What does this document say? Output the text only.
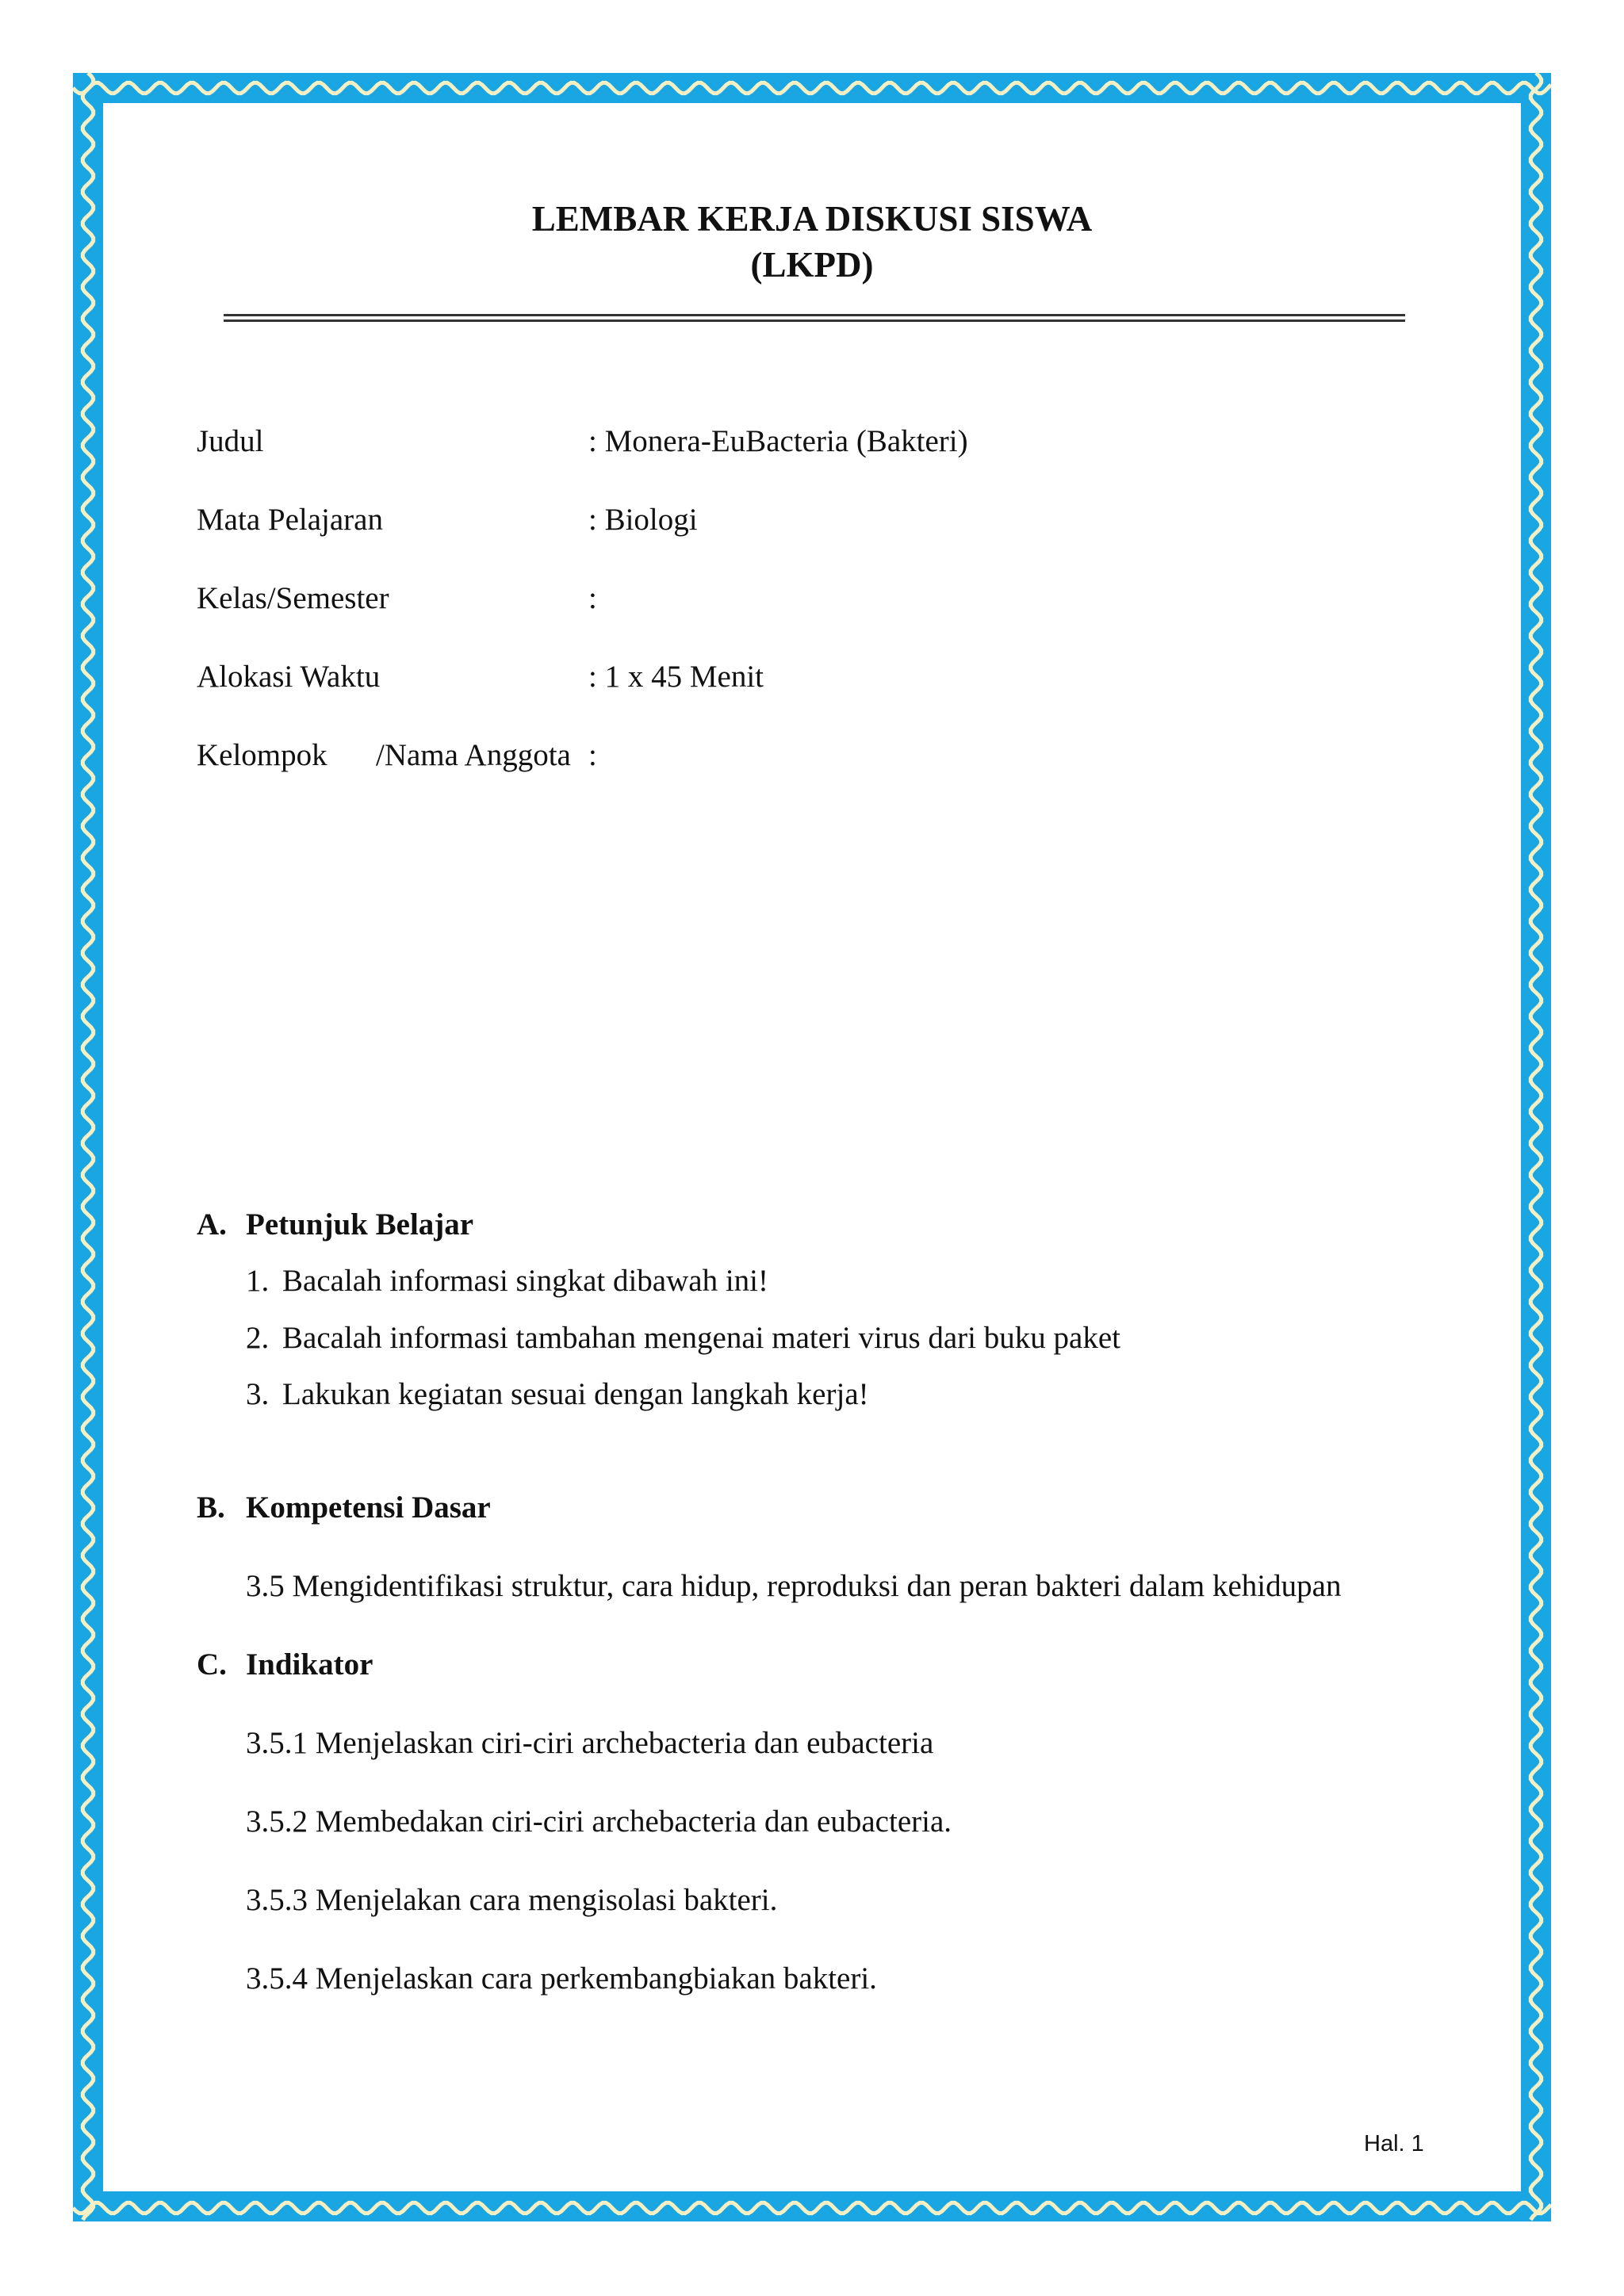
LEMBAR KERJA DISKUSI SISWA
(LKPD)
Judul	: Monera-EuBacteria (Bakteri)
Mata Pelajaran	: Biologi
Kelas/Semester	:
Alokasi Waktu	: 1 x 45 Menit
Kelompok /Nama Anggota :
A. Petunjuk Belajar
1. Bacalah informasi singkat dibawah ini!
2. Bacalah informasi tambahan mengenai materi virus dari buku paket
3. Lakukan kegiatan sesuai dengan langkah kerja!
B. Kompetensi Dasar
3.5 Mengidentifikasi struktur, cara hidup, reproduksi dan peran bakteri dalam kehidupan
C. Indikator
3.5.1 Menjelaskan ciri-ciri archebacteria dan eubacteria
3.5.2 Membedakan ciri-ciri archebacteria dan eubacteria.
3.5.3 Menjelakan cara mengisolasi bakteri.
3.5.4 Menjelaskan cara perkembangbiakan bakteri.
Hal. 1
